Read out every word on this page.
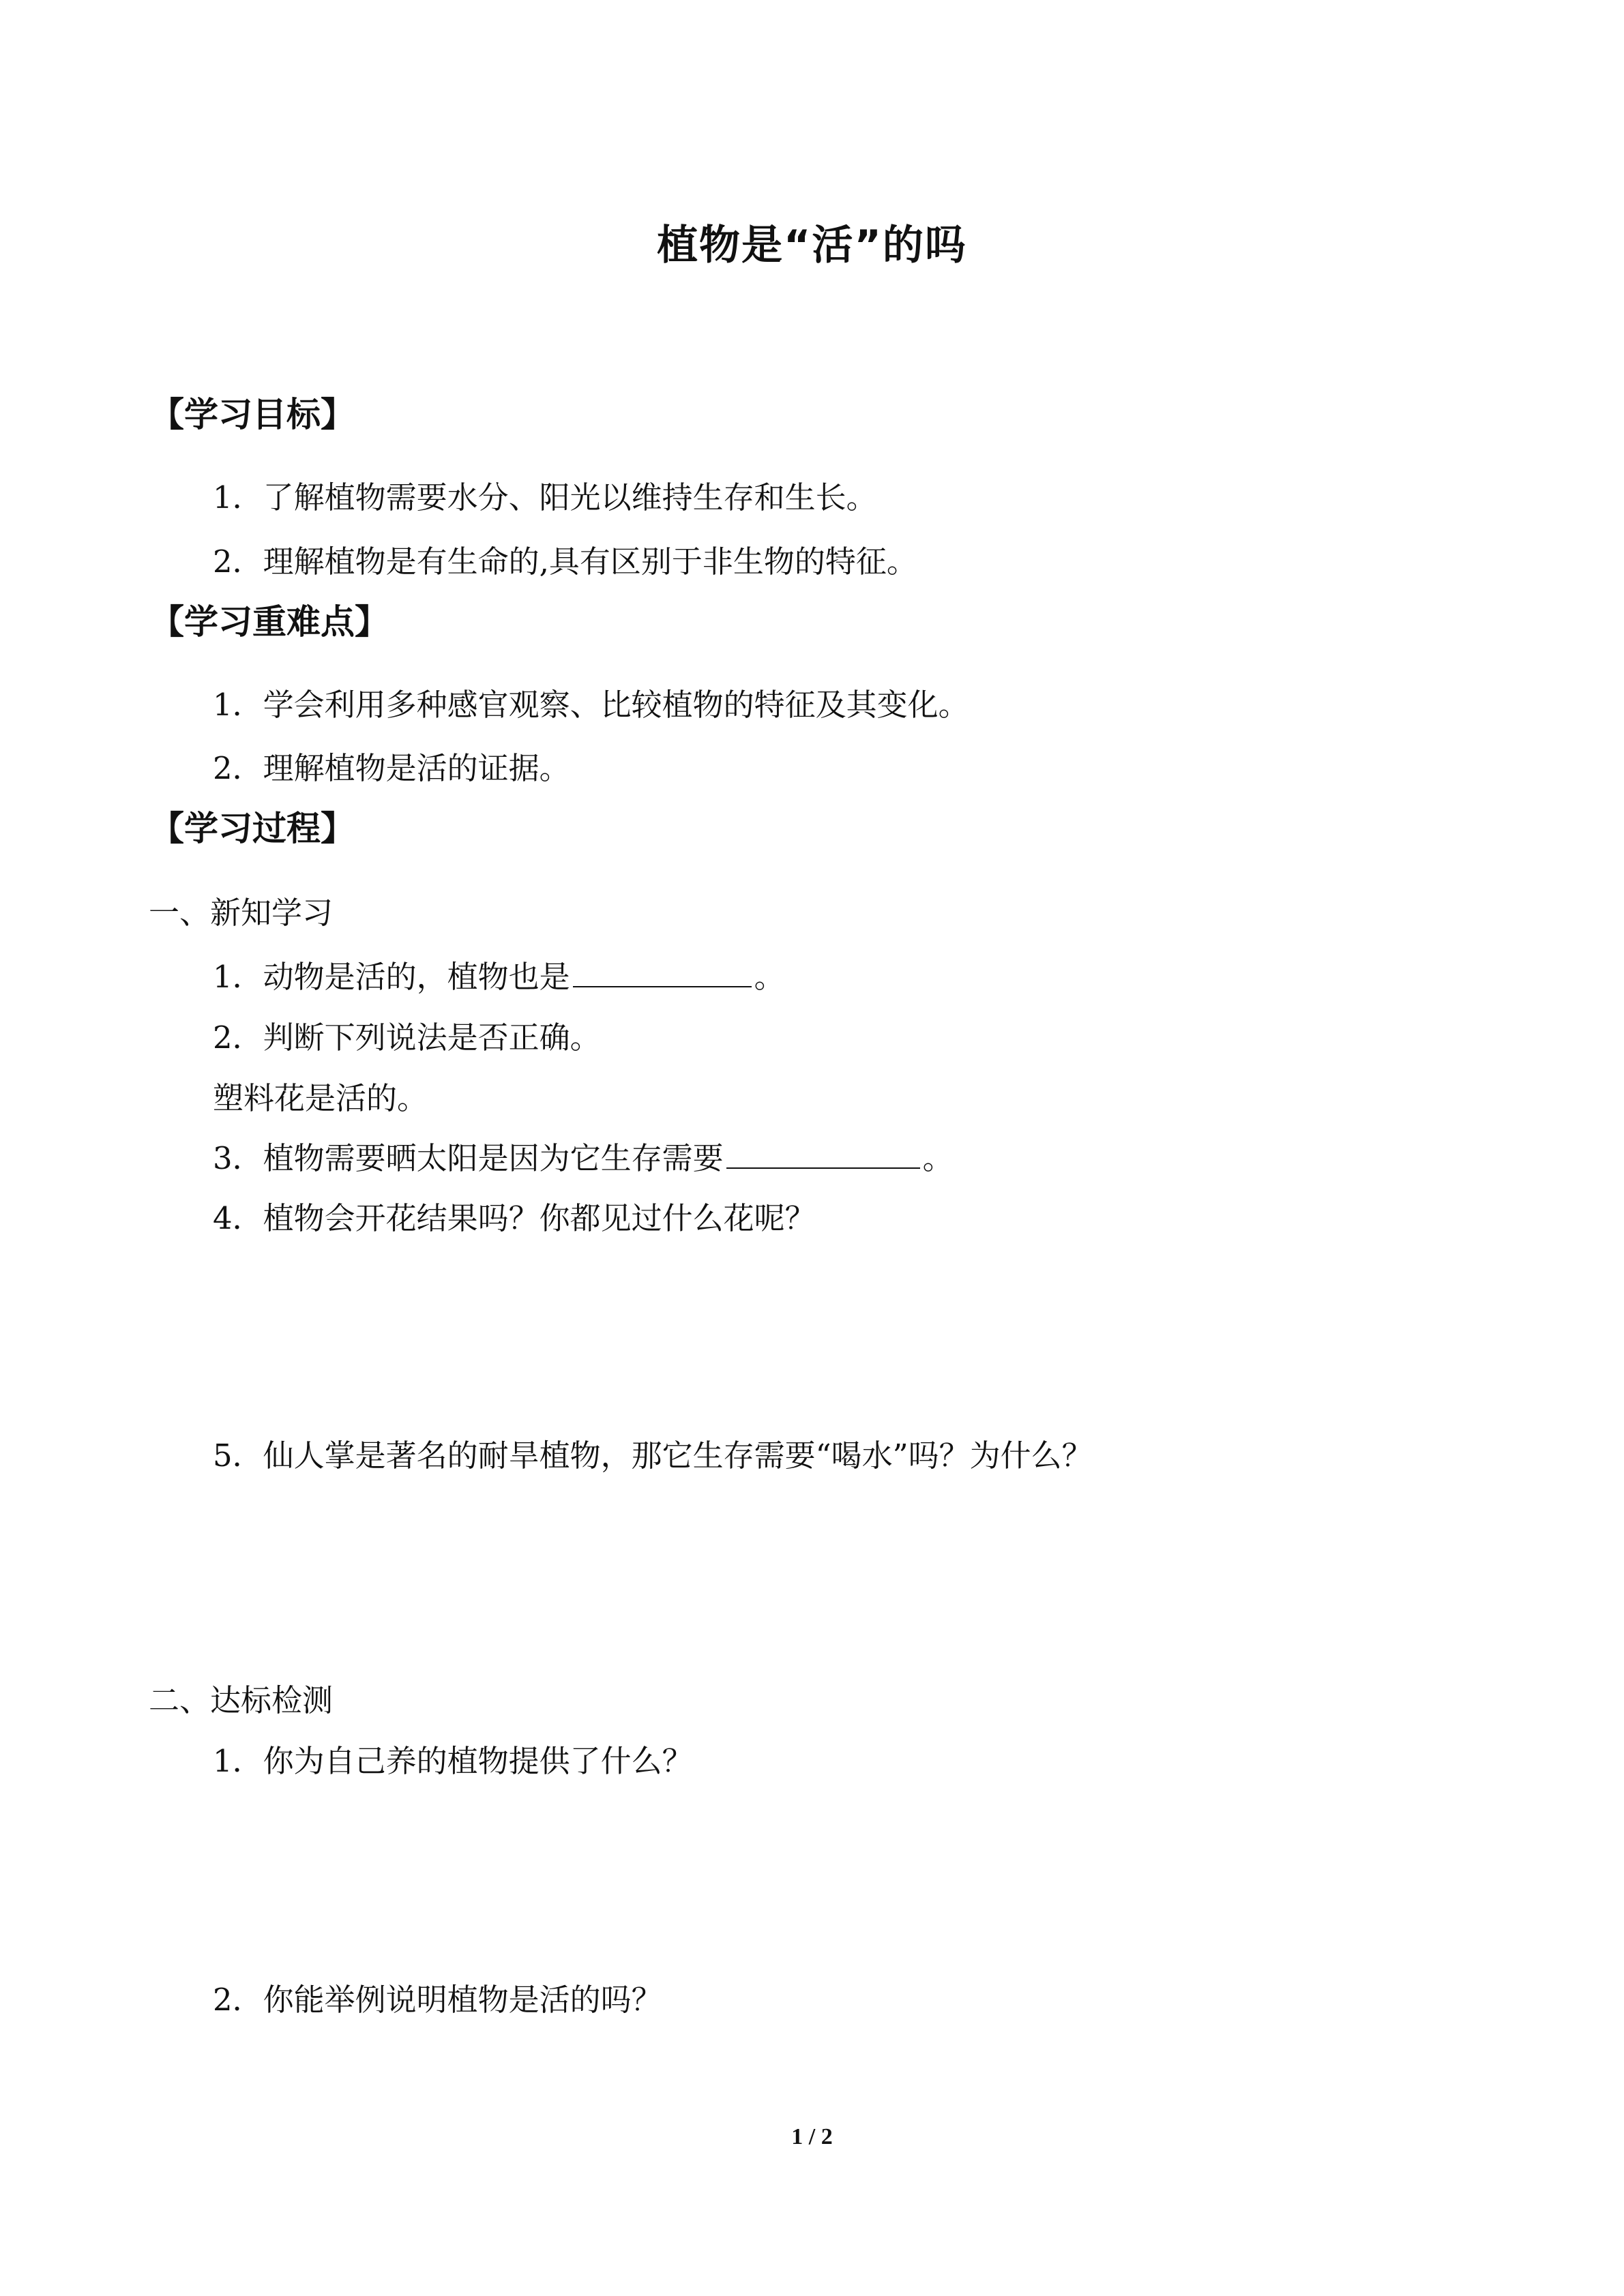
植物是“活”的吗
【学习目标】
1．了解植物需要水分、阳光以维持生存和生长。
2．理解植物是有生命的,具有区别于非生物的特征。
【学习重难点】
1．学会利用多种感官观察、比较植物的特征及其变化。
2．理解植物是活的证据。
【学习过程】
一、新知学习
1．动物是活的，植物也是	。
2．判断下列说法是否正确。
塑料花是活的。
3．植物需要晒太阳是因为它生存需要	。
4．植物会开花结果吗？你都见过什么花呢？
5．仙人掌是著名的耐旱植物，那它生存需要“喝水”吗？为什么？
二、达标检测
1．你为自己养的植物提供了什么？
2．你能举例说明植物是活的吗？
1 / 2
